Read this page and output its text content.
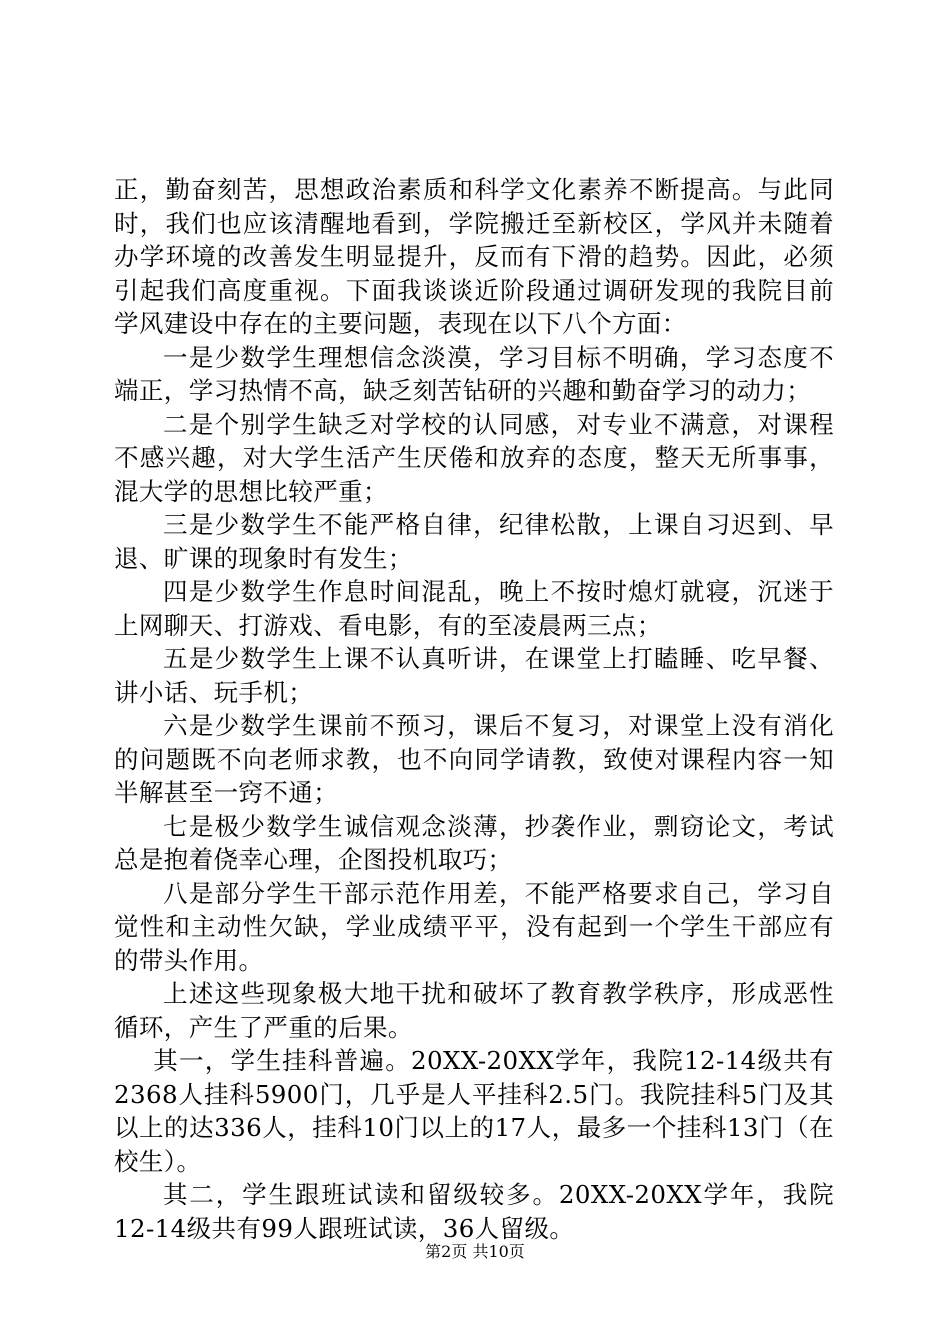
正，勤奋刻苦，思想政治素质和科学文化素养不断提高。与此同时，我们也应该清醒地看到，学院搬迁至新校区，学风并未随着办学环境的改善发生明显提升，反而有下滑的趋势。因此，必须引起我们高度重视。下面我谈谈近阶段通过调研发现的我院目前学风建设中存在的主要问题，表现在以下八个方面：

一是少数学生理想信念淡漠，学习目标不明确，学习态度不端正，学习热情不高，缺乏刻苦钻研的兴趣和勤奋学习的动力；

二是个别学生缺乏对学校的认同感，对专业不满意，对课程不感兴趣，对大学生活产生厌倦和放弃的态度，整天无所事事，混大学的思想比较严重；

三是少数学生不能严格自律，纪律松散，上课自习迟到、早退、旷课的现象时有发生；

四是少数学生作息时间混乱，晚上不按时熄灯就寝，沉迷于上网聊天、打游戏、看电影，有的至凌晨两三点；

五是少数学生上课不认真听讲，在课堂上打瞌睡、吃早餐、讲小话、玩手机；

六是少数学生课前不预习，课后不复习，对课堂上没有消化的问题既不向老师求教，也不向同学请教，致使对课程内容一知半解甚至一窍不通；

七是极少数学生诚信观念淡薄，抄袭作业，剽窃论文，考试总是抱着侥幸心理，企图投机取巧；

八是部分学生干部示范作用差，不能严格要求自己，学习自觉性和主动性欠缺，学业成绩平平，没有起到一个学生干部应有的带头作用。

上述这些现象极大地干扰和破坏了教育教学秩序，形成恶性循环，产生了严重的后果。

其一，学生挂科普遍。20XX-20XX学年，我院12-14级共有2368人挂科5900门，几乎是人平挂科2.5门。我院挂科5门及其以上的达336人，挂科10门以上的17人，最多一个挂科13门（在校生）。

其二，学生跟班试读和留级较多。20XX-20XX学年，我院12-14级共有99人跟班试读，36人留级。

第2页 共10页
